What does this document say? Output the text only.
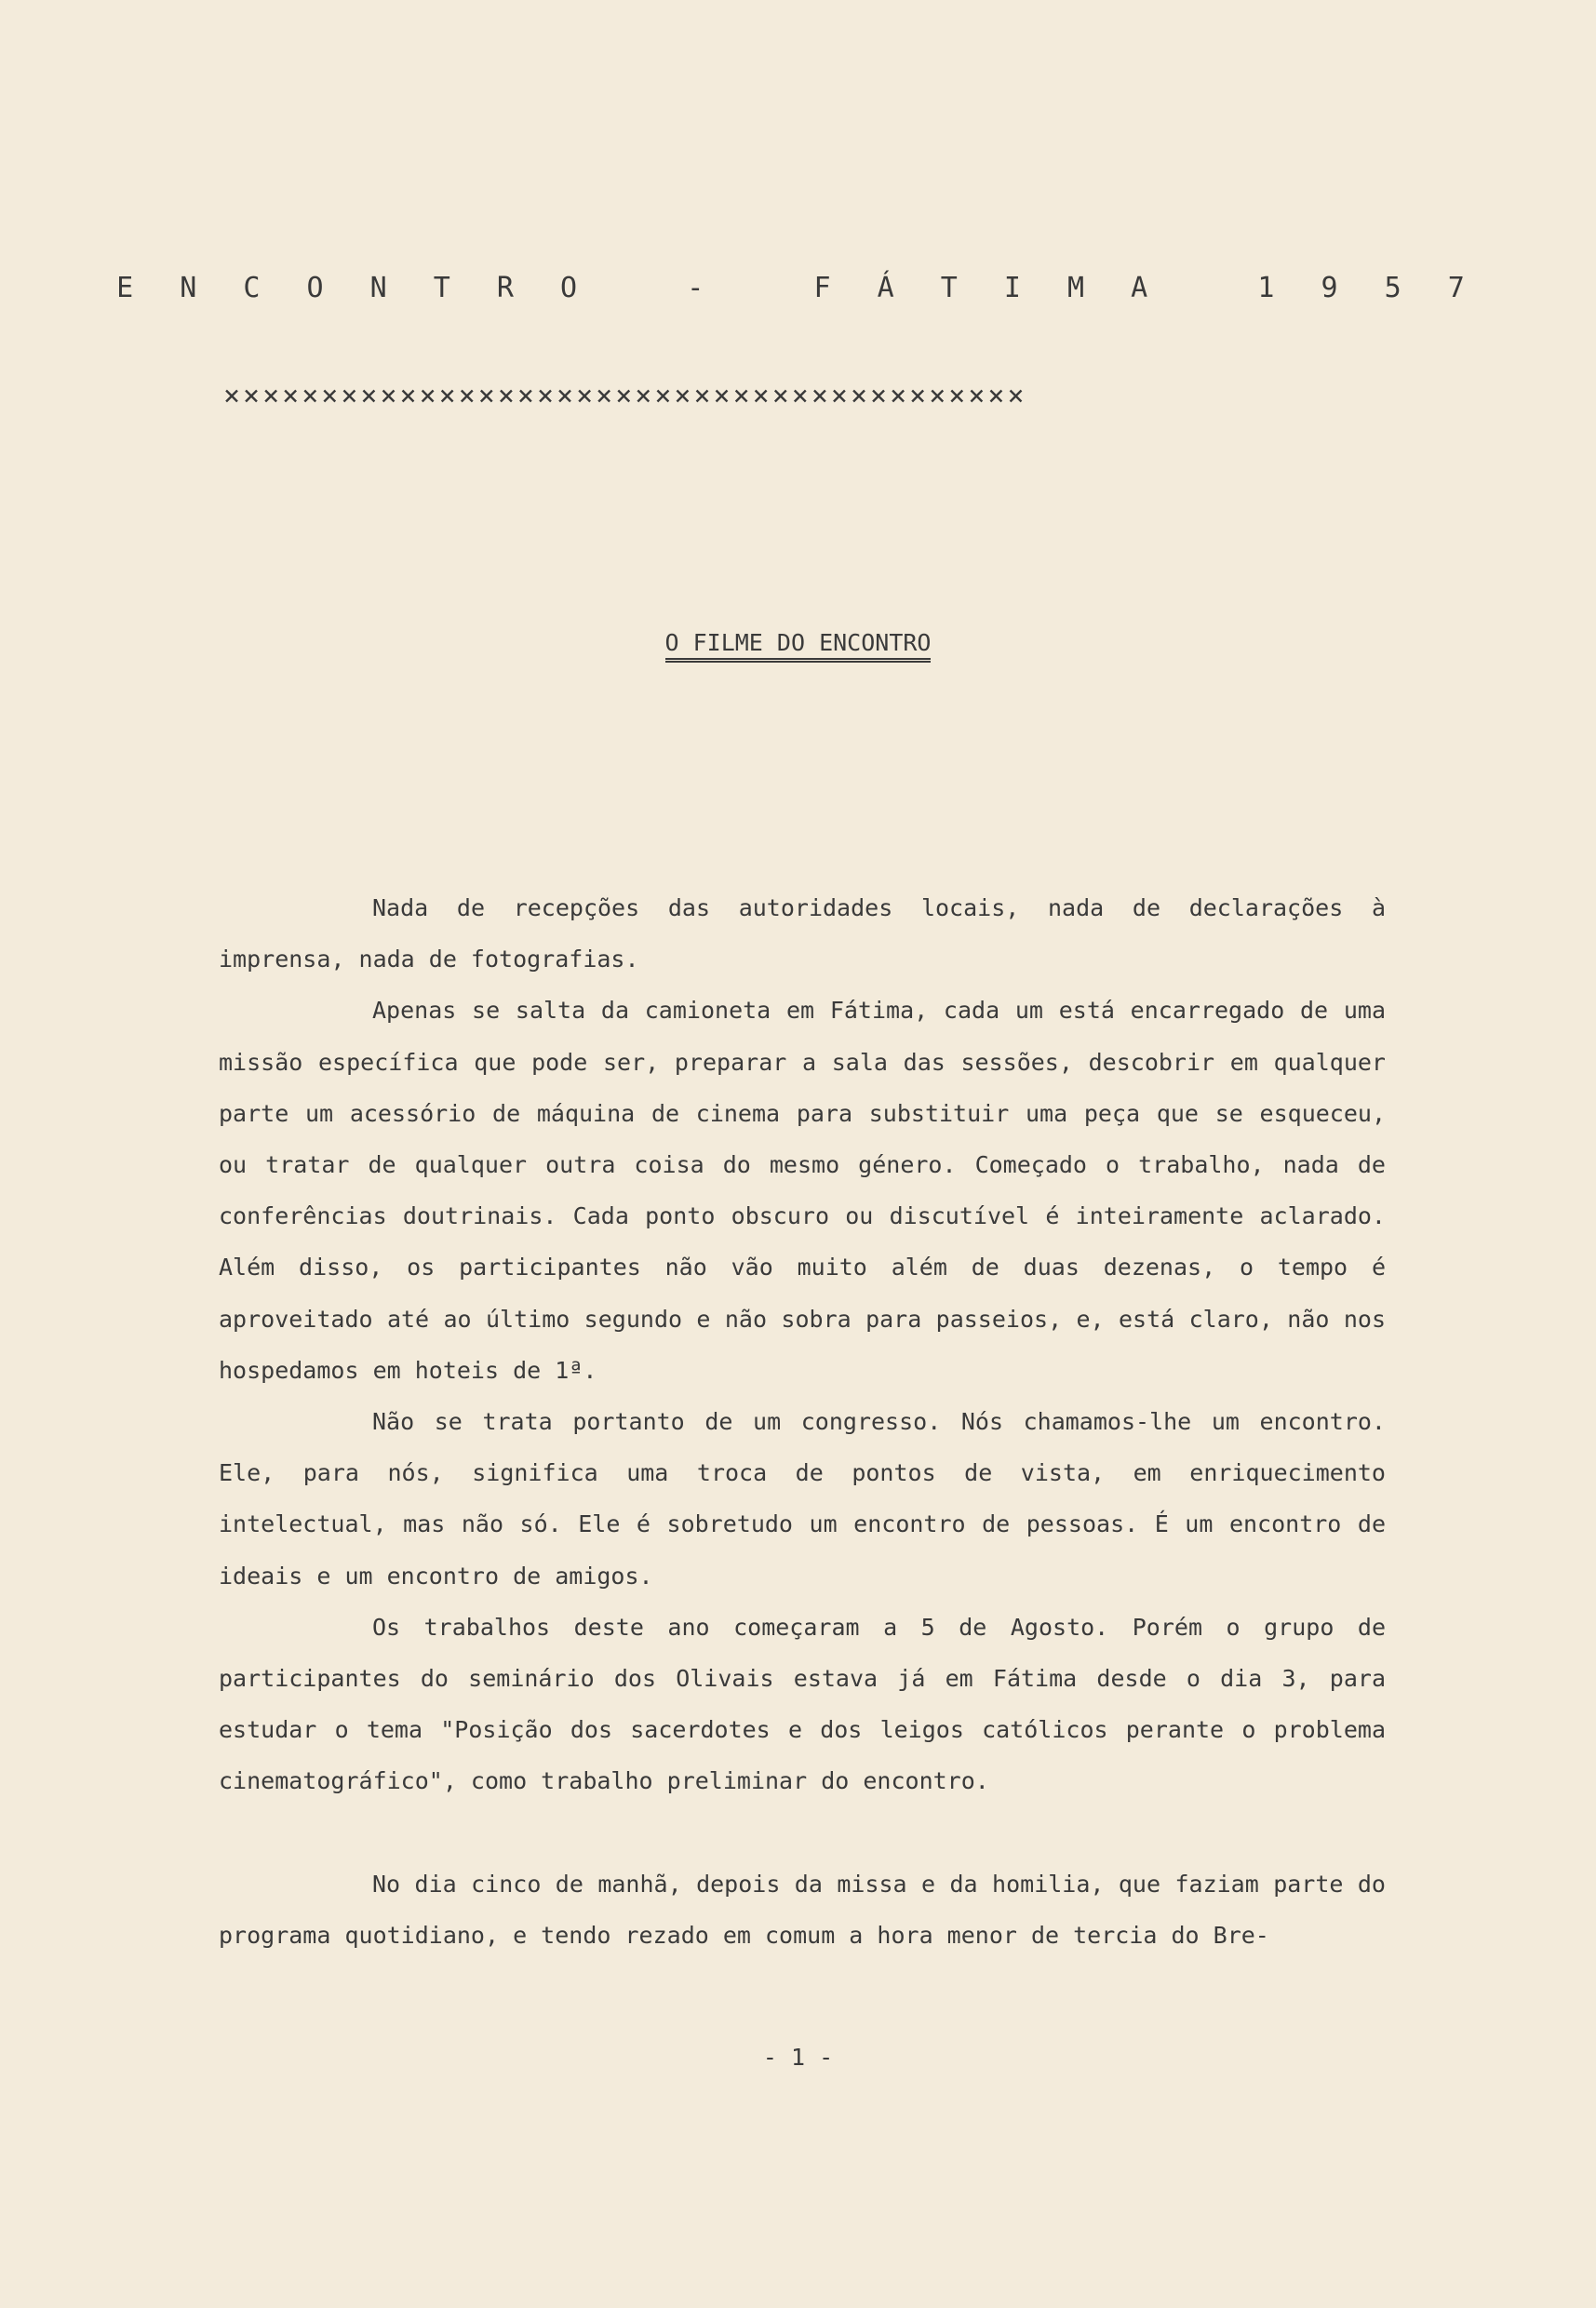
E N C O N T R O   -   F Á T I M A   1 9 5 7
×××××××××××××××××××××××××××××××××××××××××
O FILME DO ENCONTRO

Nada de recepções das autoridades locais, nada de declarações à imprensa, nada de fotografias.

Apenas se salta da camioneta em Fátima, cada um está encarregado de uma missão específica que pode ser, preparar a sala das sessões, descobrir em qualquer parte um acessório de máquina de cinema para substituir uma peça que se esqueceu, ou tratar de qualquer outra coisa do mesmo género. Começado o trabalho, nada de conferências doutrinais. Cada ponto obscuro ou discutível é inteiramente aclarado. Além disso, os participantes não vão muito além de duas dezenas, o tempo é aproveitado até ao último segundo e não sobra para passeios, e, está claro, não nos hospedamos em hoteis de 1ª.

Não se trata portanto de um congresso. Nós chamamos-lhe um encontro. Ele, para nós, significa uma troca de pontos de vista, em enriquecimento intelectual, mas não só. Ele é sobretudo um encontro de pessoas. É um encontro de ideais e um encontro de amigos.

Os trabalhos deste ano começaram a 5 de Agosto. Porém o grupo de participantes do seminário dos Olivais estava já em Fátima desde o dia 3, para estudar o tema "Posição dos sacerdotes e dos leigos católicos perante o problema cinematográfico", como trabalho preliminar do encontro.

No dia cinco de manhã, depois da missa e da homilia, que faziam parte do programa quotidiano, e tendo rezado em comum a hora menor de tercia do Bre-

- 1 -
